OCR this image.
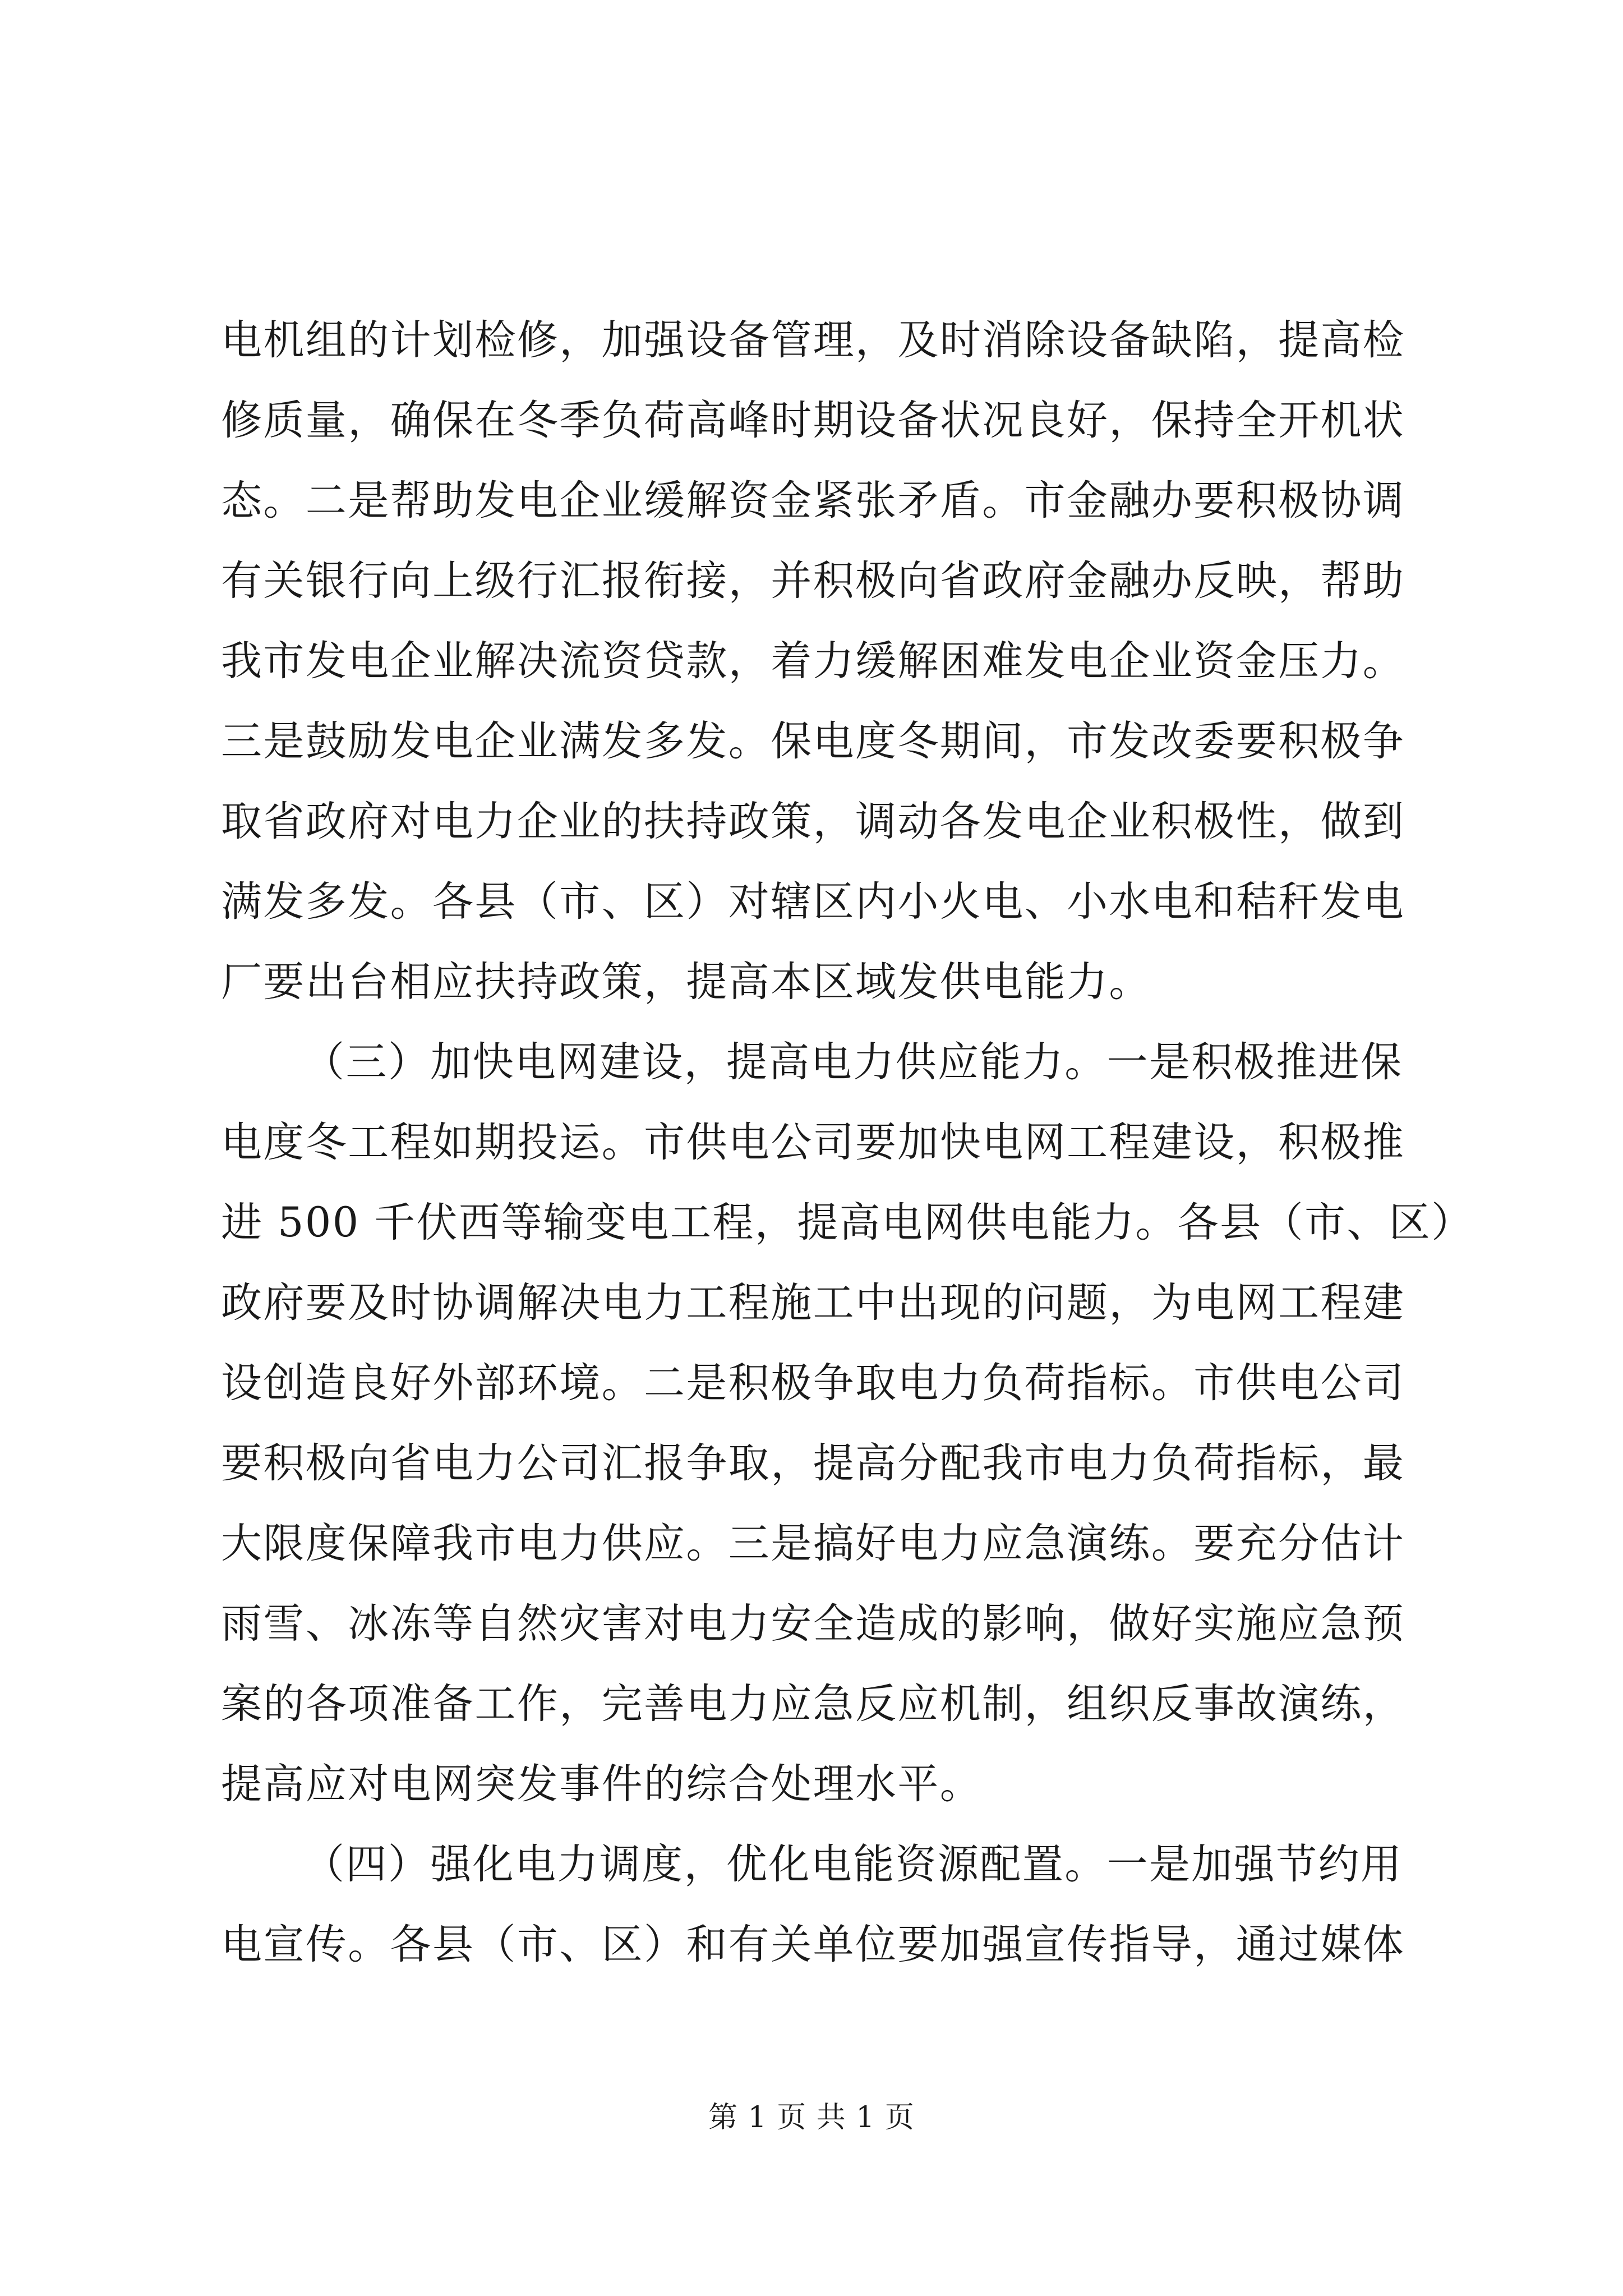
电机组的计划检修，加强设备管理，及时消除设备缺陷，提高检
修质量，确保在冬季负荷高峰时期设备状况良好，保持全开机状
态。二是帮助发电企业缓解资金紧张矛盾。市金融办要积极协调
有关银行向上级行汇报衔接，并积极向省政府金融办反映，帮助
我市发电企业解决流资贷款，着力缓解困难发电企业资金压力。
三是鼓励发电企业满发多发。保电度冬期间，市发改委要积极争
取省政府对电力企业的扶持政策，调动各发电企业积极性，做到
满发多发。各县（市、区）对辖区内小火电、小水电和秸秆发电
厂要出台相应扶持政策，提高本区域发供电能力。
（三）加快电网建设，提高电力供应能力。一是积极推进保
电度冬工程如期投运。市供电公司要加快电网工程建设，积极推
进 500 千伏西等输变电工程，提高电网供电能力。各县（市、区）
政府要及时协调解决电力工程施工中出现的问题，为电网工程建
设创造良好外部环境。二是积极争取电力负荷指标。市供电公司
要积极向省电力公司汇报争取，提高分配我市电力负荷指标，最
大限度保障我市电力供应。三是搞好电力应急演练。要充分估计
雨雪、冰冻等自然灾害对电力安全造成的影响，做好实施应急预
案的各项准备工作，完善电力应急反应机制，组织反事故演练，
提高应对电网突发事件的综合处理水平。
（四）强化电力调度，优化电能资源配置。一是加强节约用
电宣传。各县（市、区）和有关单位要加强宣传指导，通过媒体
第 1 页 共 1 页
